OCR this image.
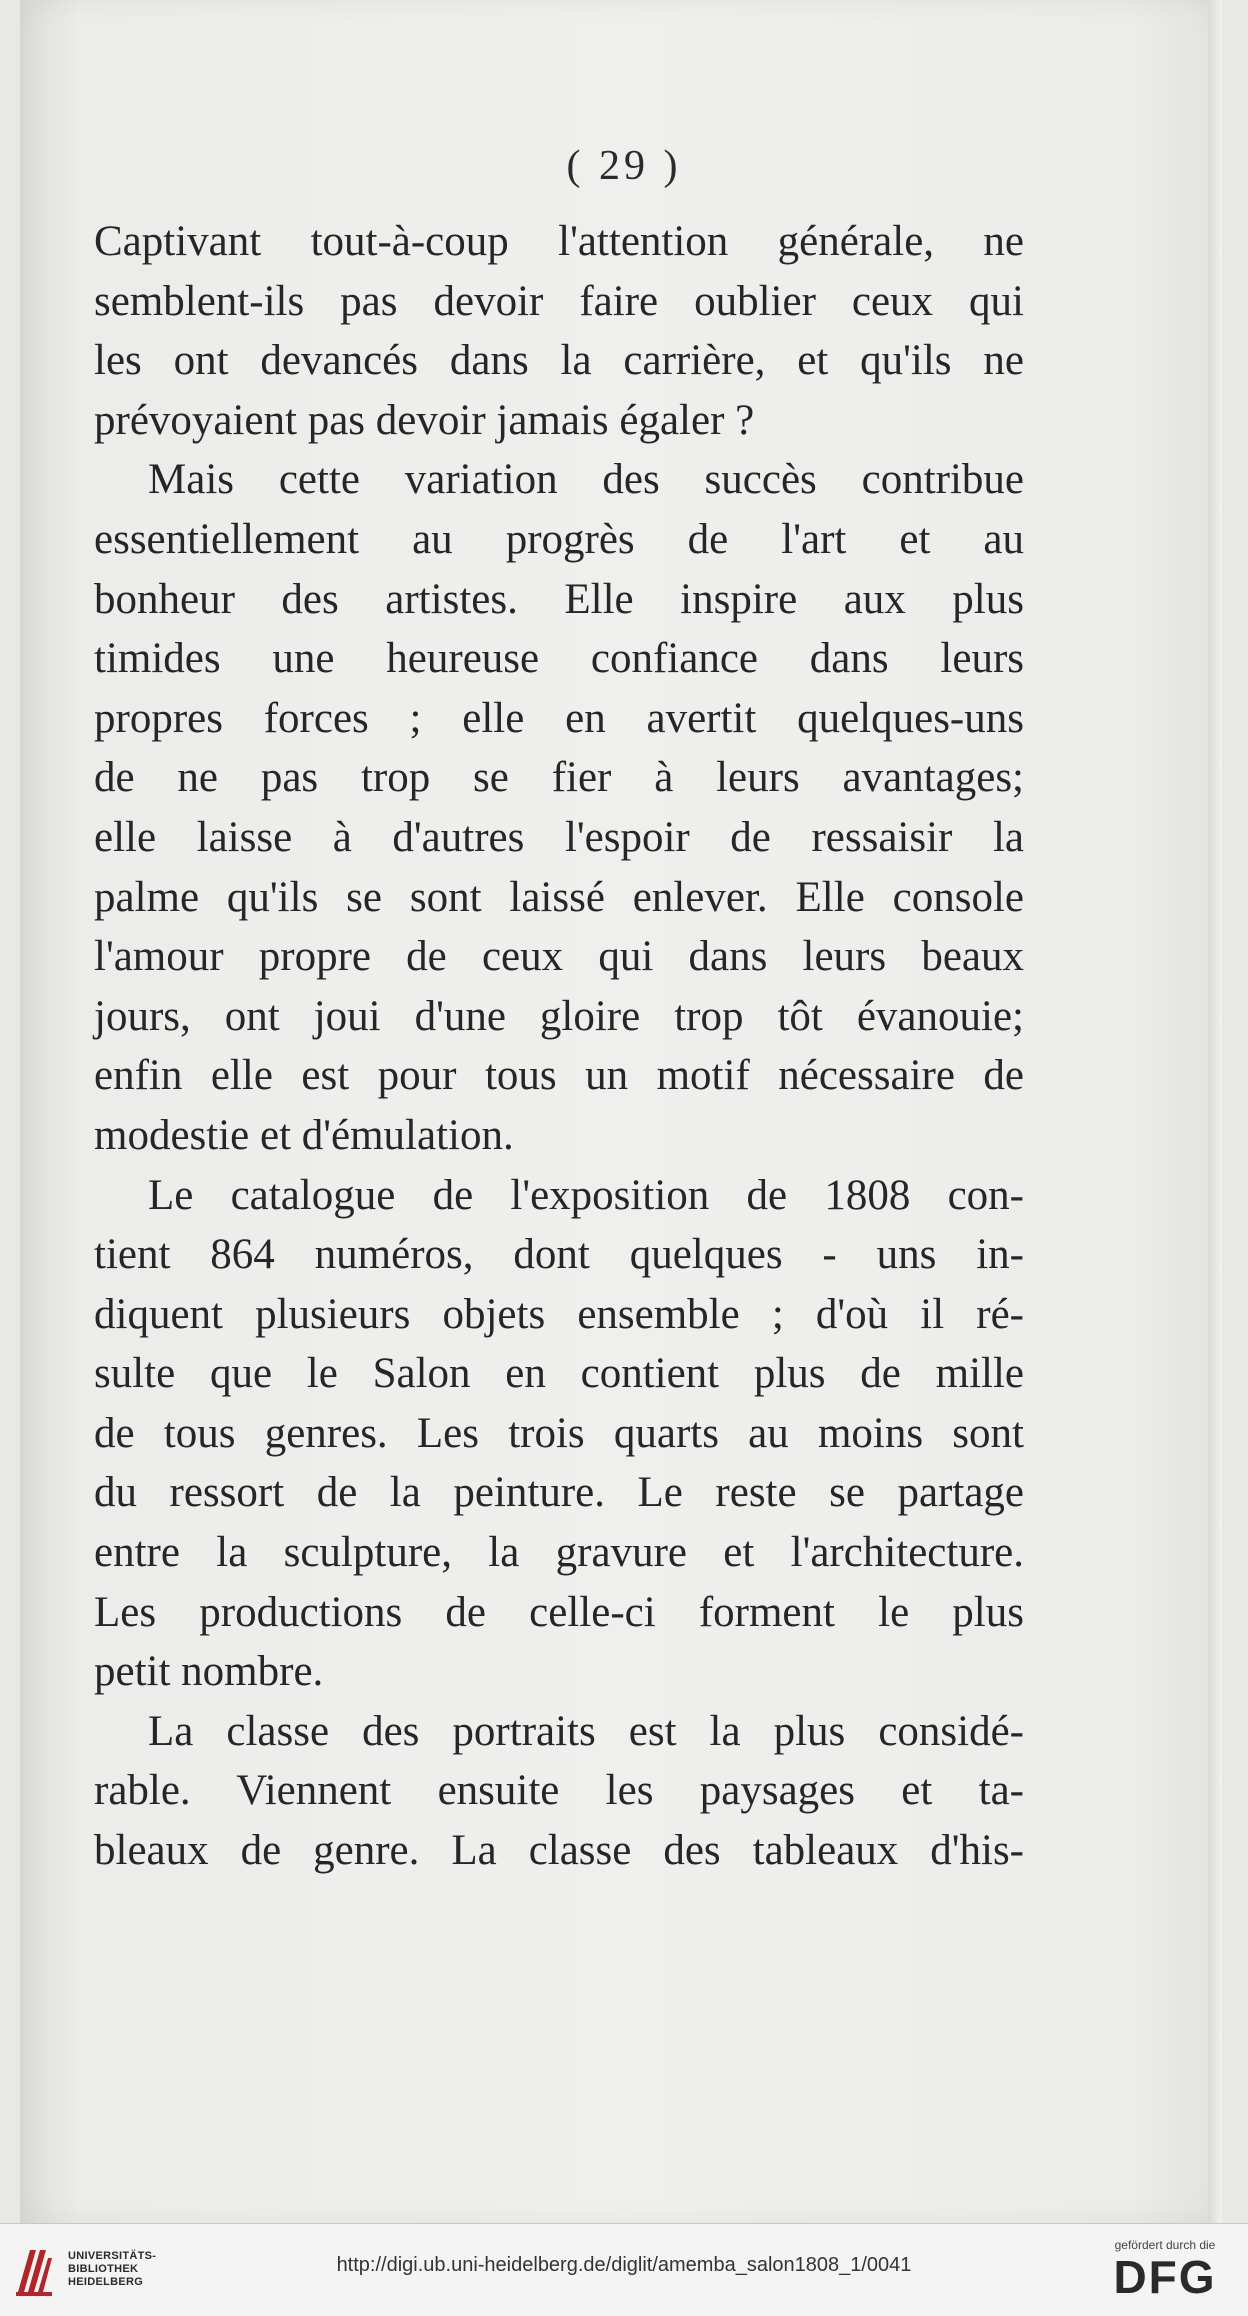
( 29 )
Captivant tout-à-coup l'attention générale, ne
semblent-ils pas devoir faire oublier ceux qui
les ont devancés dans la carrière, et qu'ils ne
prévoyaient pas devoir jamais égaler ?
Mais cette variation des succès contribue
essentiellement au progrès de l'art et au
bonheur des artistes. Elle inspire aux plus
timides une heureuse confiance dans leurs
propres forces ; elle en avertit quelques-uns
de ne pas trop se fier à leurs avantages;
elle laisse à d'autres l'espoir de ressaisir la
palme qu'ils se sont laissé enlever. Elle console
l'amour propre de ceux qui dans leurs beaux
jours, ont joui d'une gloire trop tôt évanouie;
enfin elle est pour tous un motif nécessaire de
modestie et d'émulation.
Le catalogue de l'exposition de 1808 con-
tient 864 numéros, dont quelques - uns in-
diquent plusieurs objets ensemble ; d'où il ré-
sulte que le Salon en contient plus de mille
de tous genres. Les trois quarts au moins sont
du ressort de la peinture. Le reste se partage
entre la sculpture, la gravure et l'architecture.
Les productions de celle-ci forment le plus
petit nombre.
La classe des portraits est la plus considé-
rable. Viennent ensuite les paysages et ta-
bleaux de genre. La classe des tableaux d'his-
UNIVERSITÄTS-
BIBLIOTHEK
HEIDELBERG
http://digi.ub.uni-heidelberg.de/diglit/amemba_salon1808_1/0041
gefördert durch die
DFG
